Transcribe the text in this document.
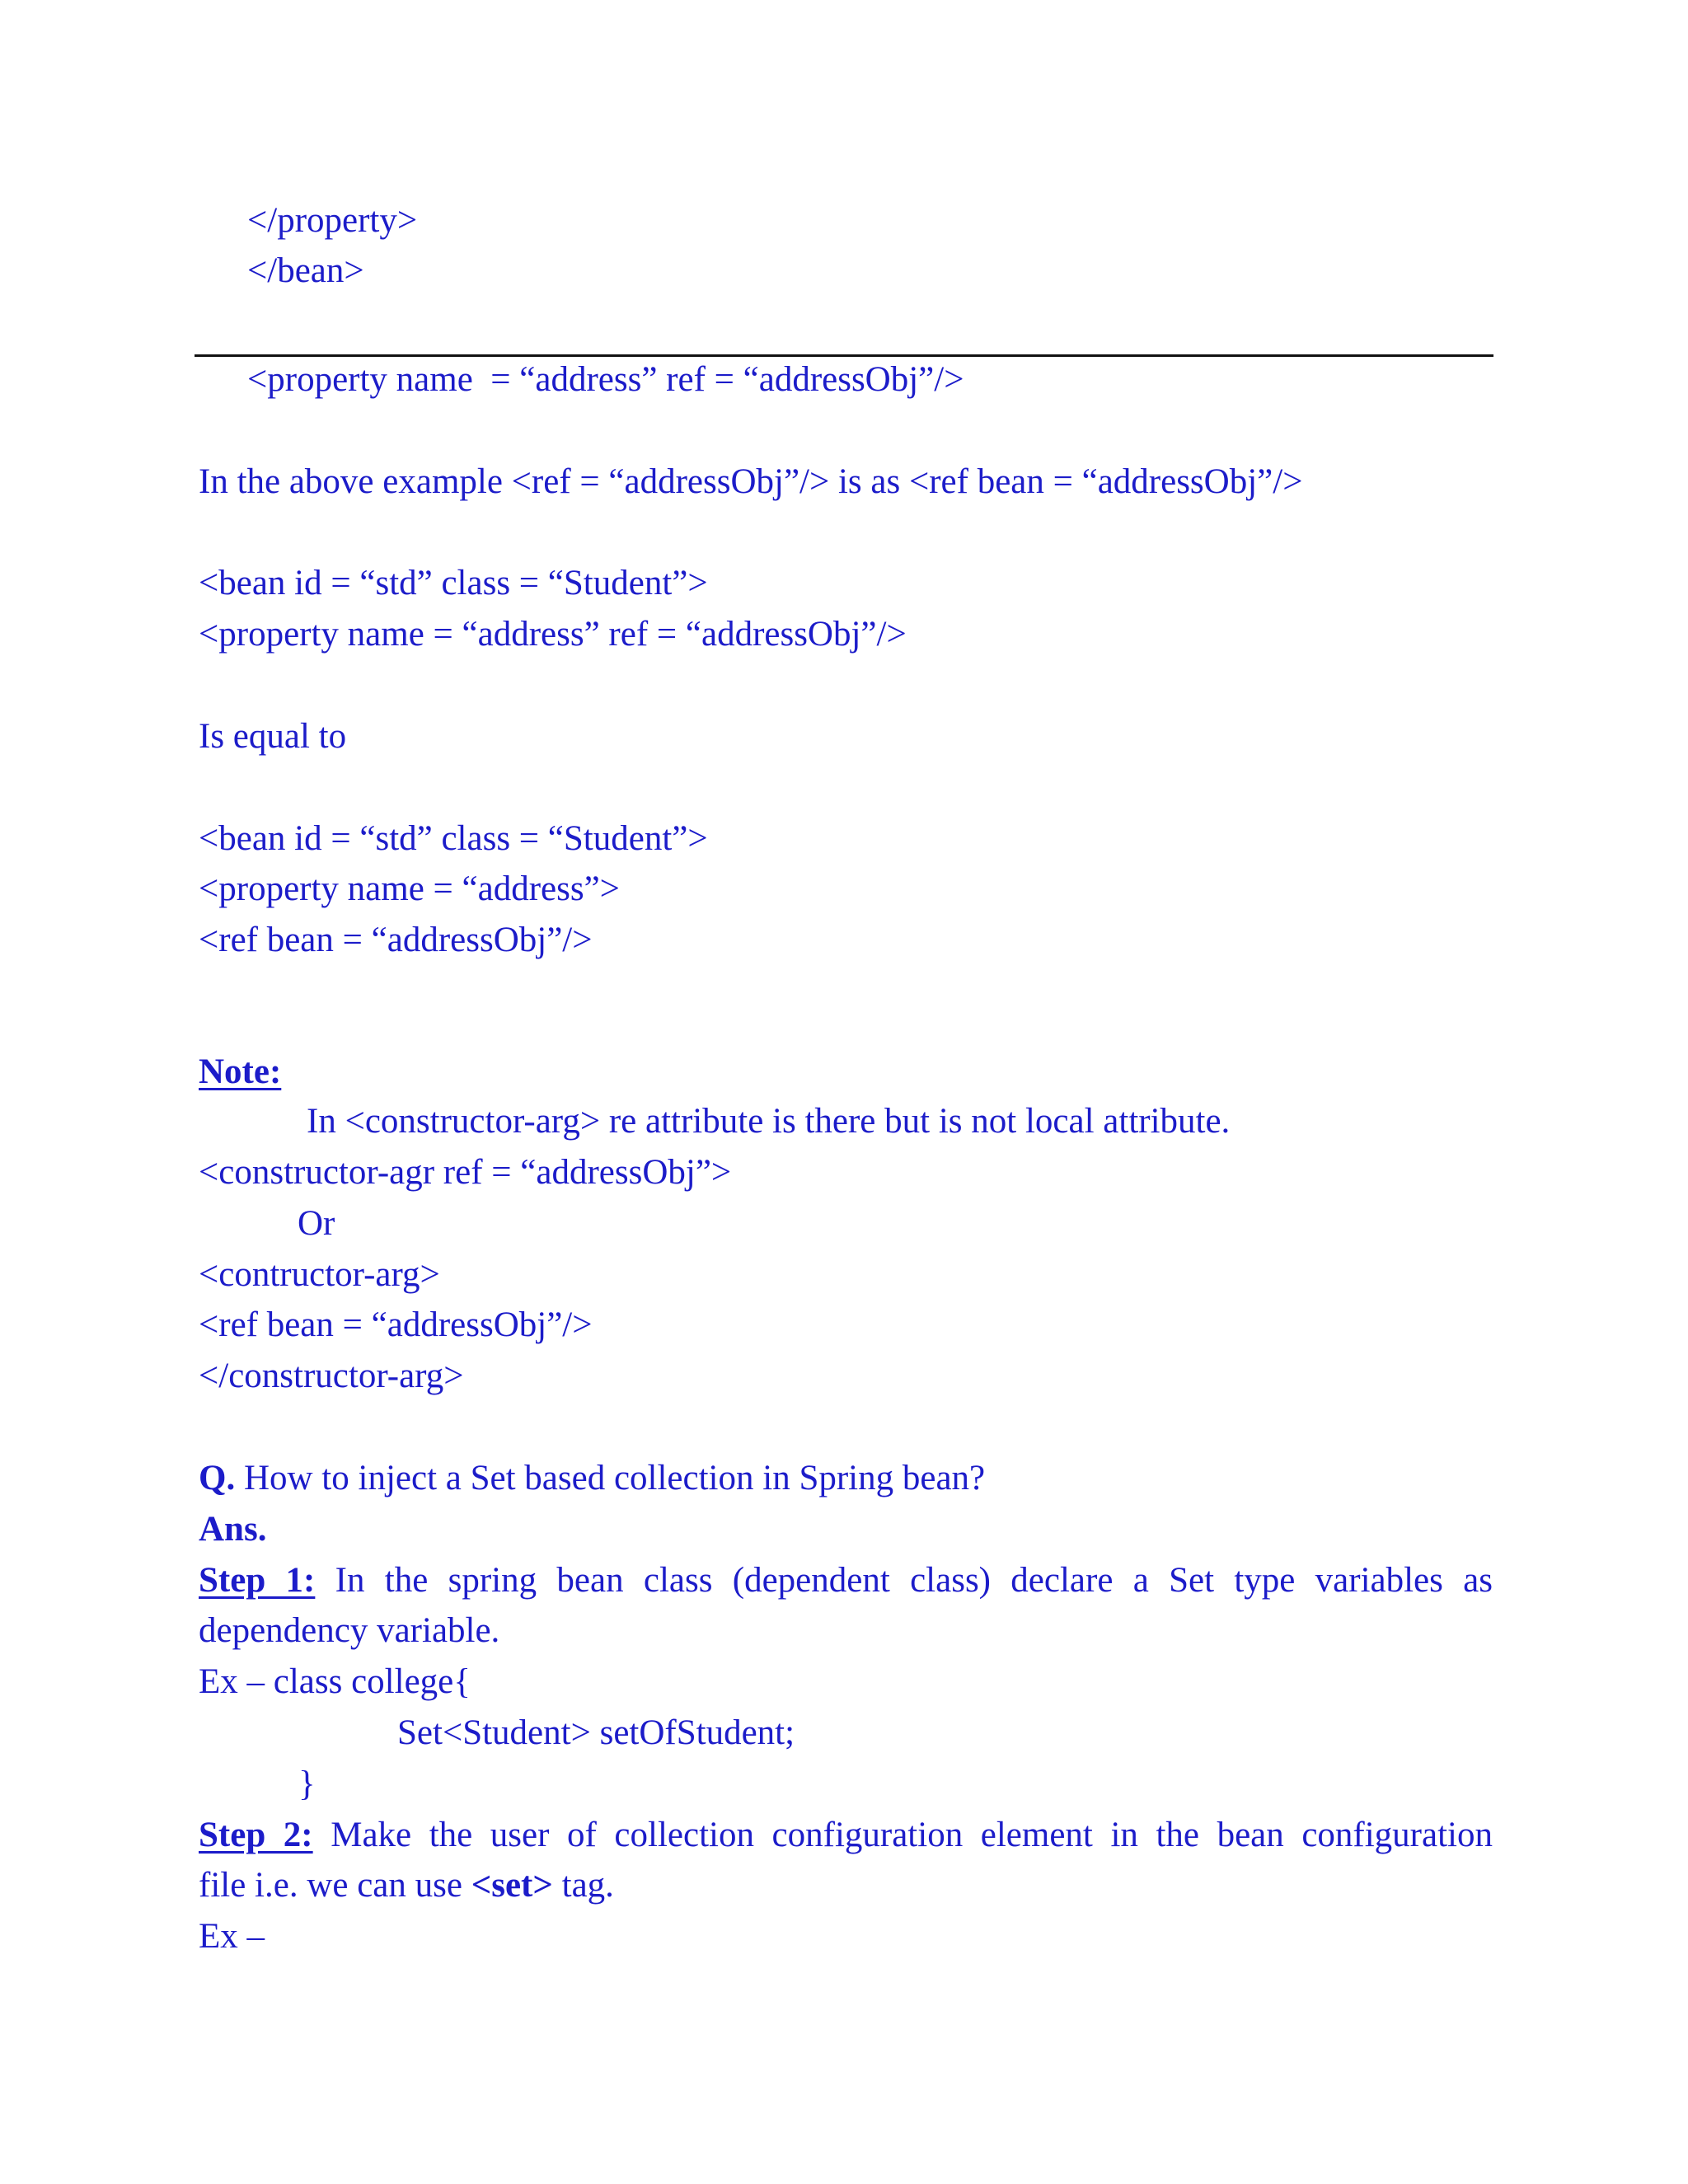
</property>
</bean>
<property name  = “address” ref = “addressObj”/>
In the above example <ref = “addressObj”/> is as <ref bean = “addressObj”/>
<bean id = “std” class = “Student”>
<property name = “address” ref = “addressObj”/>
Is equal to
<bean id = “std” class = “Student”>
<property name = “address”>
<ref bean = “addressObj”/>
Note:
In <constructor-arg> re attribute is there but is not local attribute.
<constructor-agr ref = “addressObj”>
Or
<contructor-arg>
<ref bean = “addressObj”/>
</constructor-arg>
Q. How to inject a Set based collection in Spring bean?
Ans.
Step 1: In the spring bean class (dependent class) declare a Set type variables as
dependency variable.
Ex – class college{
Set<Student> setOfStudent;
}
Step 2: Make the user of collection configuration element in the bean configuration
file i.e. we can use <set> tag.
Ex –
